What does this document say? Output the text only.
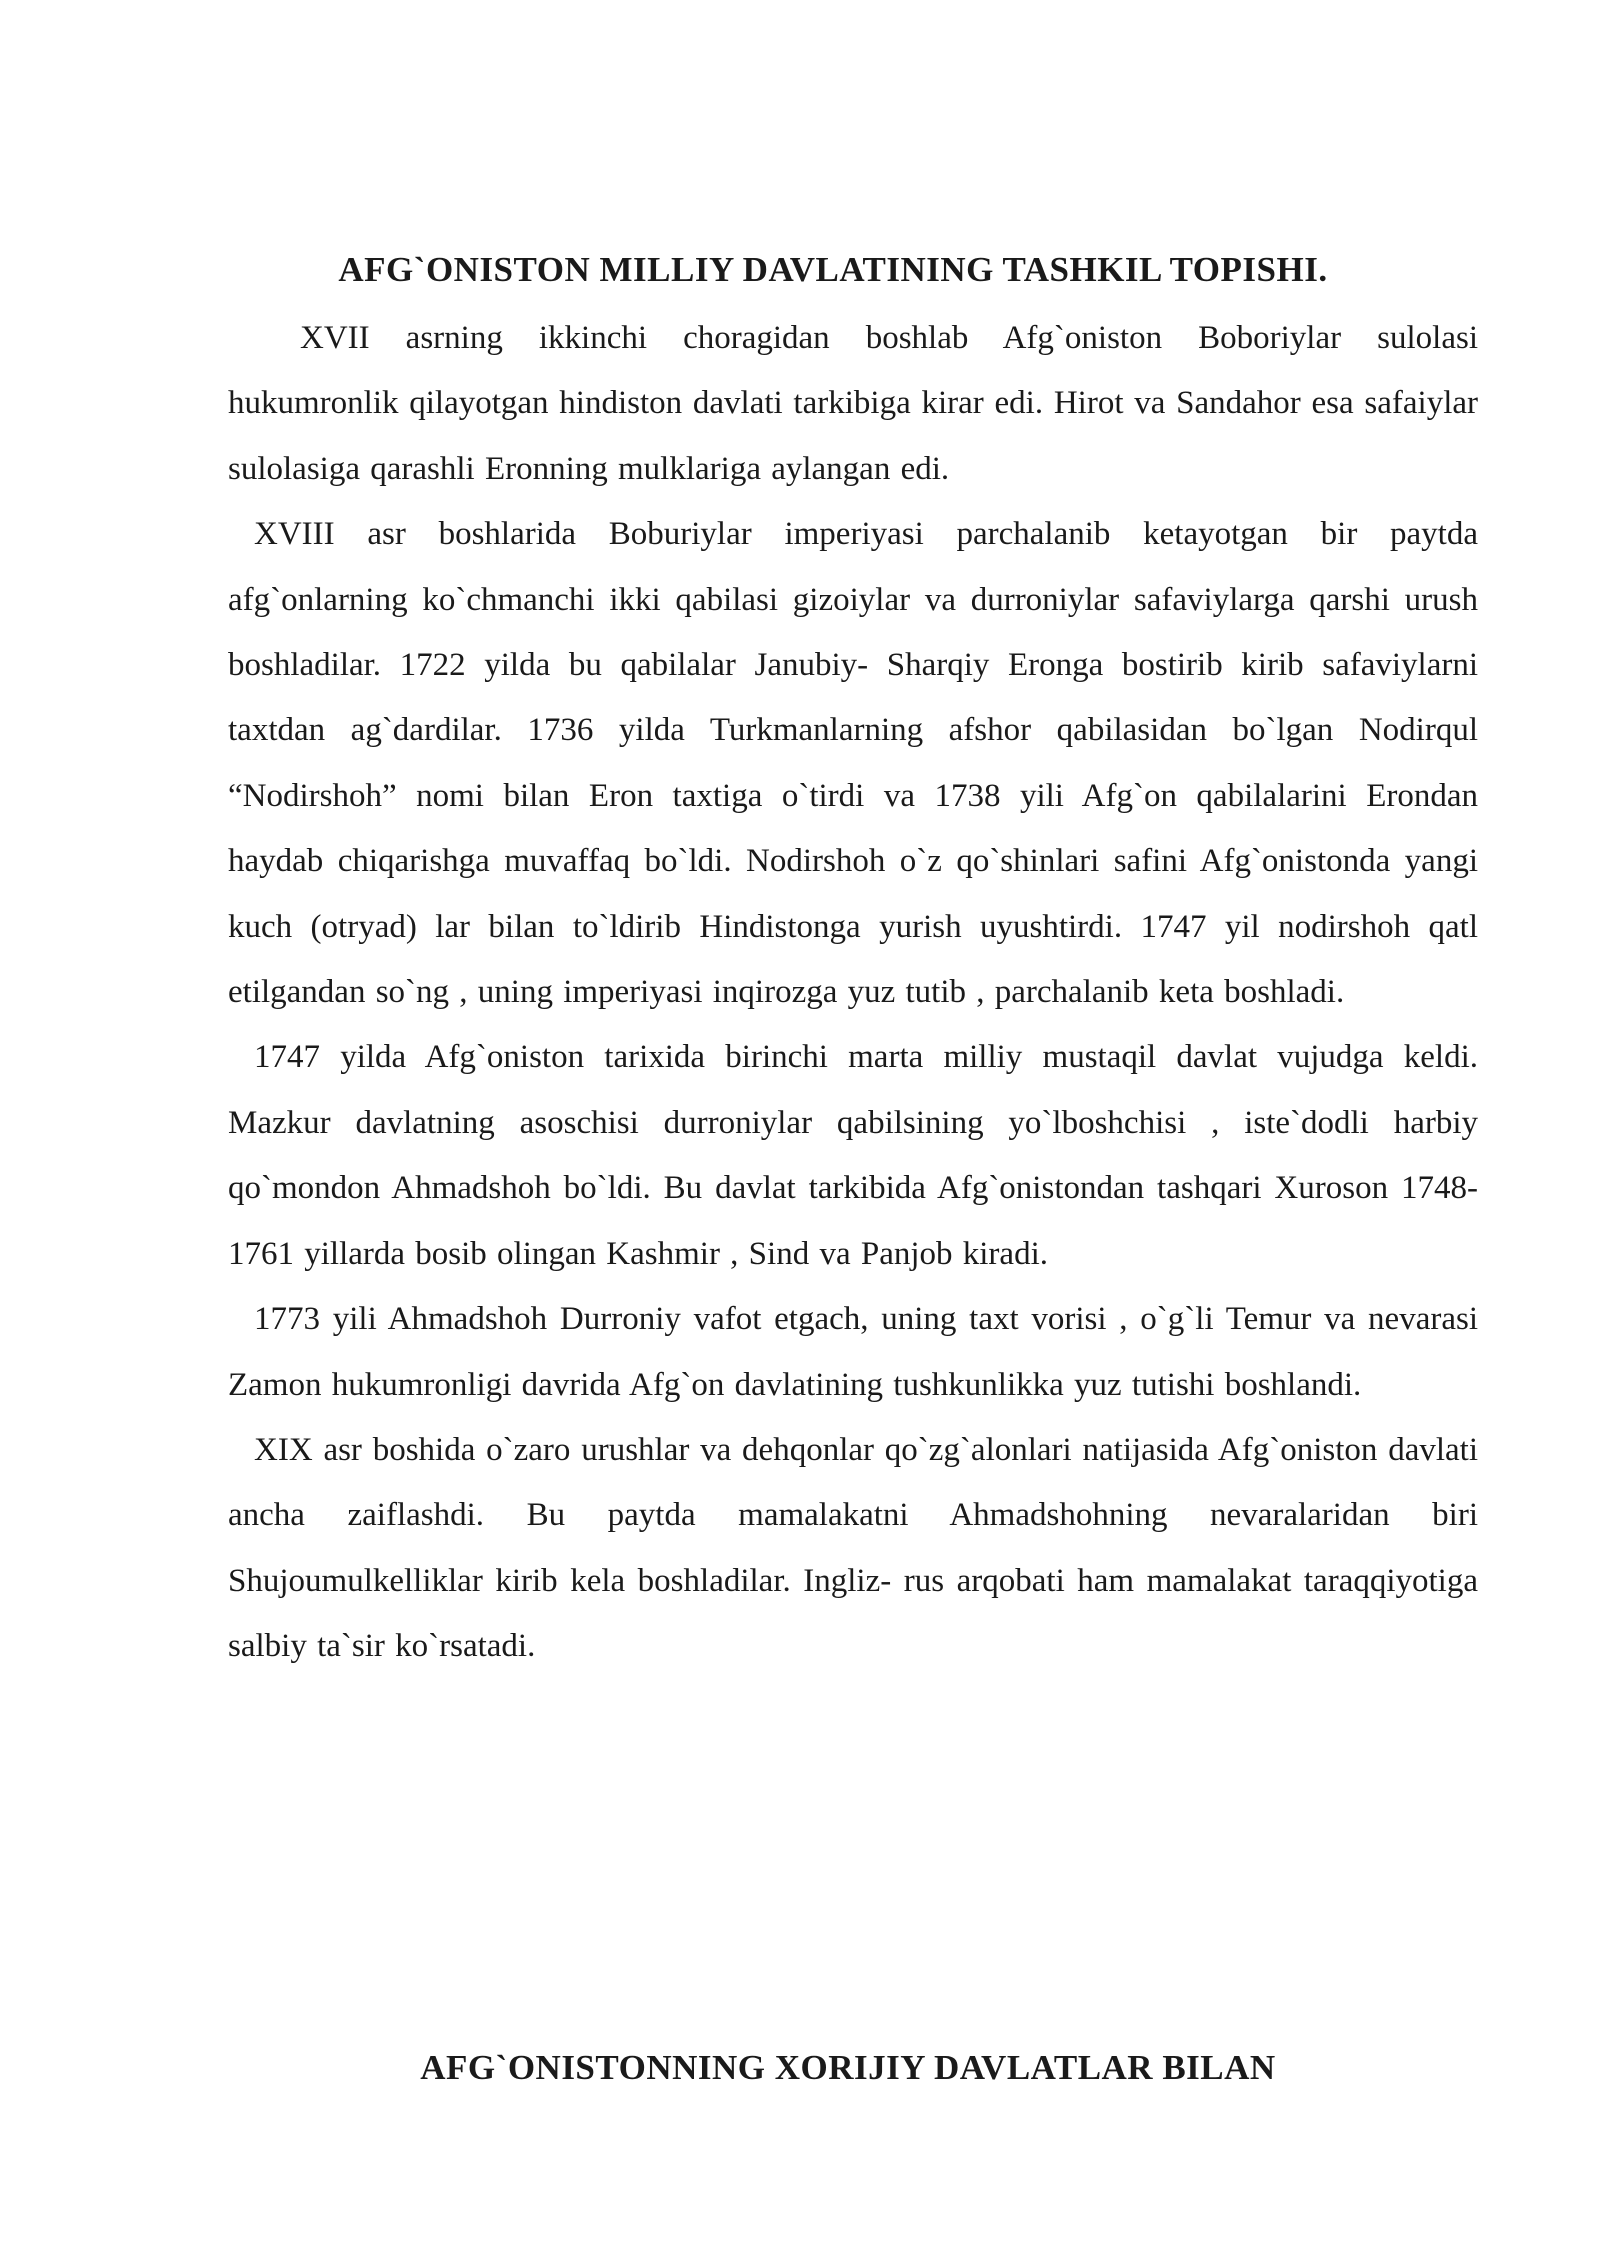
AFG`ONISTON MILLIY DAVLATINING TASHKIL TOPISHI.

XVII asrning ikkinchi choragidan boshlab Afg`oniston Boboriylar sulolasi hukumronlik qilayotgan hindiston davlati tarkibiga kirar edi. Hirot va Sandahor esa safaiylar sulolasiga qarashli Eronning mulklariga aylangan edi.

XVIII asr boshlarida Boburiylar imperiyasi parchalanib ketayotgan bir paytda afg`onlarning ko`chmanchi ikki qabilasi gizoiylar va durroniylar safaviylarga qarshi urush boshladilar. 1722 yilda bu qabilalar Janubiy- Sharqiy Eronga bostirib kirib safaviylarni taxtdan ag`dardilar. 1736 yilda Turkmanlarning afshor qabilasidan bo`lgan Nodirqul “Nodirshoh” nomi bilan Eron taxtiga o`tirdi va 1738 yili Afg`on qabilalarini Erondan haydab chiqarishga muvaffaq bo`ldi. Nodirshoh o`z qo`shinlari safini Afg`onistonda yangi kuch (otryad) lar bilan to`ldirib Hindistonga yurish uyushtirdi. 1747 yil nodirshoh qatl etilgandan so`ng , uning imperiyasi inqirozga yuz tutib , parchalanib keta boshladi.

1747 yilda Afg`oniston tarixida birinchi marta milliy mustaqil davlat vujudga keldi. Mazkur davlatning asoschisi durroniylar qabilsining yo`lboshchisi , iste`dodli harbiy qo`mondon Ahmadshoh bo`ldi. Bu davlat tarkibida Afg`onistondan tashqari Xuroson 1748-1761 yillarda bosib olingan Kashmir , Sind va Panjob kiradi.

1773 yili Ahmadshoh Durroniy vafot etgach, uning taxt vorisi , o`g`li Temur va nevarasi Zamon hukumronligi davrida Afg`on davlatining tushkunlikka yuz tutishi boshlandi.

XIX asr boshida o`zaro urushlar va dehqonlar qo`zg`alonlari natijasida Afg`oniston davlati ancha zaiflashdi. Bu paytda mamalakatni Ahmadshohning nevaralaridan biri Shujoumulkelliklar kirib kela boshladilar. Ingliz- rus arqobati ham mamalakat taraqqiyotiga salbiy ta`sir ko`rsatadi.

AFG`ONISTONNING XORIJIY DAVLATLAR BILAN
